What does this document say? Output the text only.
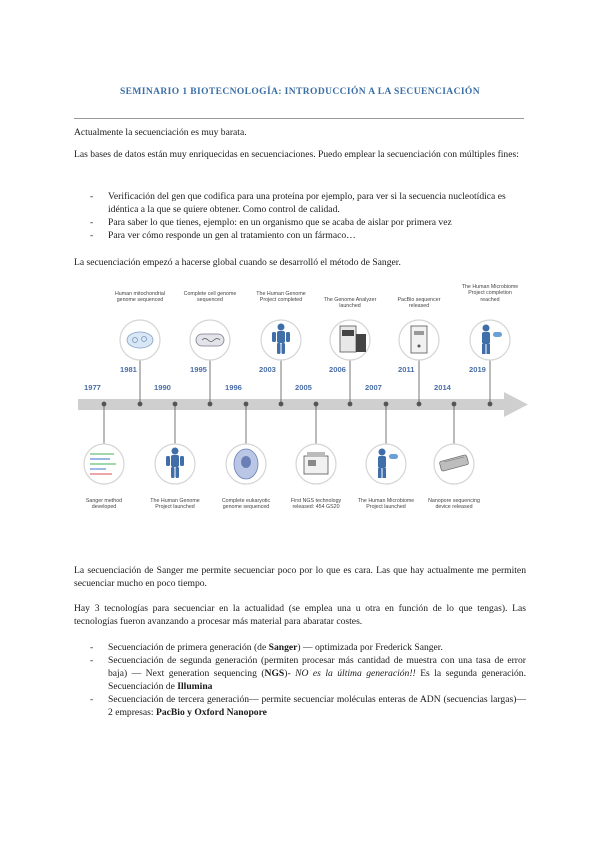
SEMINARIO 1 BIOTECNOLOGÍA: INTRODUCCIÓN A LA SECUENCIACIÓN
Actualmente la secuenciación es muy barata.
Las bases de datos están muy enriquecidas en secuenciaciones. Puedo emplear la secuenciación con múltiples fines:
- Verificación del gen que codifica para una proteína por ejemplo, para ver si la secuencia nucleotídica es idéntica a la que se quiere obtener. Como control de calidad.
- Para saber lo que tienes, ejemplo: en un organismo que se acaba de aislar por primera vez
- Para ver cómo responde un gen al tratamiento con un fármaco…
La secuenciación empezó a hacerse global cuando se desarrolló el método de Sanger.
1981	1995	2003	2006	2011	2019
1977	1990	1996	2005	2007	2014
Human mitochondrial genome sequenced
Complete cell genome sequenced
The Human Genome Project completed	The Genome Analyzer launched
PacBio sequencer released
The Human Microbiome Project completion reached
Sanger method developed
The Human Genome Project launched
Complete eukaryotic genome sequenced
First NGS technology released: 454 GS20
The Human Microbiome Project launched
Nanopore sequencing device released
La secuenciación de Sanger me permite secuenciar poco por lo que es cara. Las que hay actualmente me permiten secuenciar mucho en poco tiempo.
Hay 3 tecnologías para secuenciar en la actualidad (se emplea una u otra en función de lo que tengas). Las tecnologías fueron avanzando a procesar más material para abaratar costes.
- Secuenciación de primera generación (de Sanger) — optimizada por Frederick Sanger.
- Secuenciación de segunda generación (permiten procesar más cantidad de muestra con una tasa de error baja) — Next generation sequencing (NGS)- NO es la última generación!! Es la segunda generación. Secuenciación de Illumina
- Secuenciación de tercera generación— permite secuenciar moléculas enteras de ADN (secuencias largas)— 2 empresas: PacBio y Oxford Nanopore
